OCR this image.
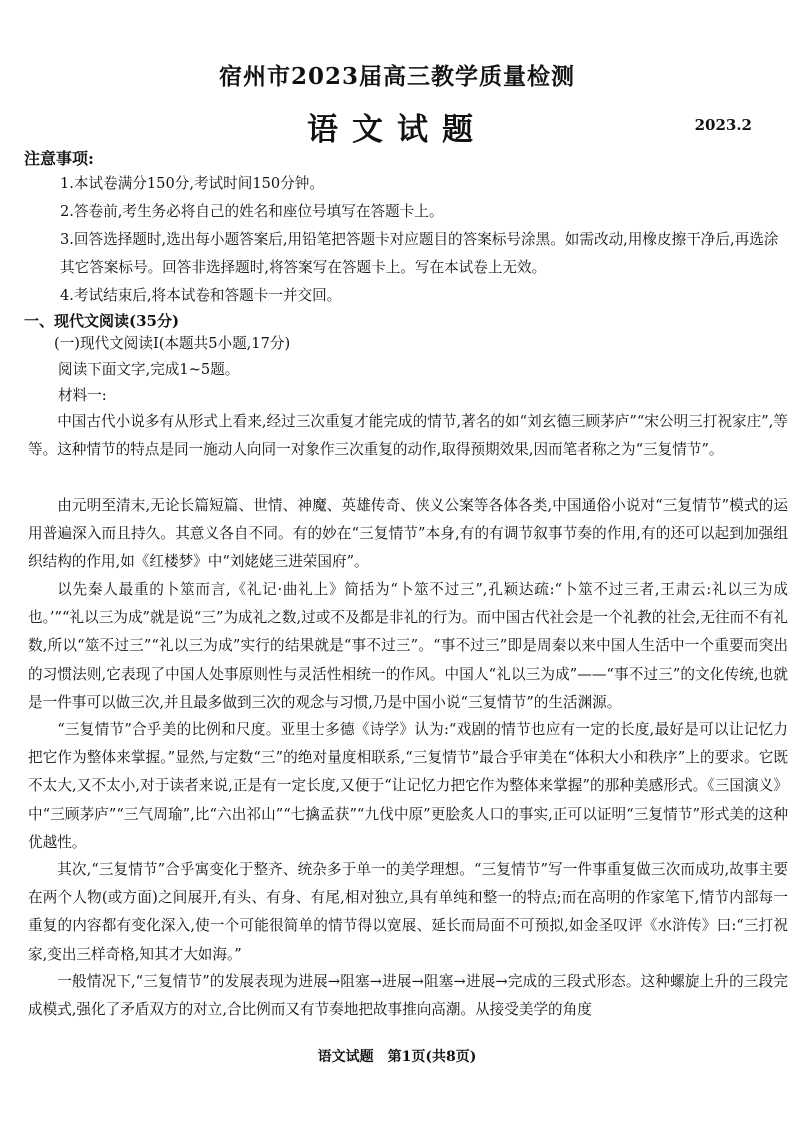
宿州市2023届高三教学质量检测
语文试题	2023.2
注意事项:
1.本试卷满分150分,考试时间150分钟。
2.答卷前,考生务必将自己的姓名和座位号填写在答题卡上。
3.回答选择题时,选出每小题答案后,用铅笔把答题卡对应题目的答案标号涂黑。如需改动,用橡皮擦干净后,再选涂其它答案标号。回答非选择题时,将答案写在答题卡上。写在本试卷上无效。
4.考试结束后,将本试卷和答题卡一并交回。
一、现代文阅读(35分)
(一)现代文阅读Ⅰ(本题共5小题,17分)
阅读下面文字,完成1~5题。
材料一:
中国古代小说多有从形式上看来,经过三次重复才能完成的情节,著名的如“刘玄德三顾茅庐”“宋公明三打祝家庄”,等等。这种情节的特点是同一施动人向同一对象作三次重复的动作,取得预期效果,因而笔者称之为“三复情节”。
由元明至清末,无论长篇短篇、世情、神魔、英雄传奇、侠义公案等各体各类,中国通俗小说对“三复情节”模式的运用普遍深入而且持久。其意义各自不同。有的妙在“三复情节”本身,有的有调节叙事节奏的作用,有的还可以起到加强组织结构的作用,如《红楼梦》中“刘姥姥三进荣国府”。
以先秦人最重的卜筮而言,《礼记·曲礼上》简括为“卜筮不过三”,孔颖达疏:“卜筮不过三者,王肃云:礼以三为成也。’”“礼以三为成”就是说“三”为成礼之数,过或不及都是非礼的行为。而中国古代社会是一个礼教的社会,无往而不有礼数,所以“筮不过三”“礼以三为成”实行的结果就是“事不过三”。“事不过三”即是周秦以来中国人生活中一个重要而突出的习惯法则,它表现了中国人处事原则性与灵活性相统一的作风。中国人“礼以三为成”——“事不过三”的文化传统,也就是一件事可以做三次,并且最多做到三次的观念与习惯,乃是中国小说“三复情节”的生活渊源。
“三复情节”合乎美的比例和尺度。亚里士多德《诗学》认为:“戏剧的情节也应有一定的长度,最好是可以让记忆力把它作为整体来掌握。”显然,与定数“三”的绝对量度相联系,“三复情节”最合乎审美在“体积大小和秩序”上的要求。它既不太大,又不太小,对于读者来说,正是有一定长度,又便于“让记忆力把它作为整体来掌握”的那种美感形式。《三国演义》中“三顾茅庐”“三气周瑜”,比“六出祁山”“七擒孟获”“九伐中原”更脍炙人口的事实,正可以证明“三复情节”形式美的这种优越性。
其次,“三复情节”合乎寓变化于整齐、统杂多于单一的美学理想。“三复情节”写一件事重复做三次而成功,故事主要在两个人物(或方面)之间展开,有头、有身、有尾,相对独立,具有单纯和整一的特点;而在高明的作家笔下,情节内部每一重复的内容都有变化深入,使一个可能很简单的情节得以宽展、延长而局面不可预拟,如金圣叹评《水浒传》曰:“三打祝家,变出三样奇格,知其才大如海。”
一般情况下,“三复情节”的发展表现为进展→阻塞→进展→阻塞→进展→完成的三段式形态。这种螺旋上升的三段完成模式,强化了矛盾双方的对立,合比例而又有节奏地把故事推向高潮。从接受美学的角度
语文试题　第1页(共8页)
